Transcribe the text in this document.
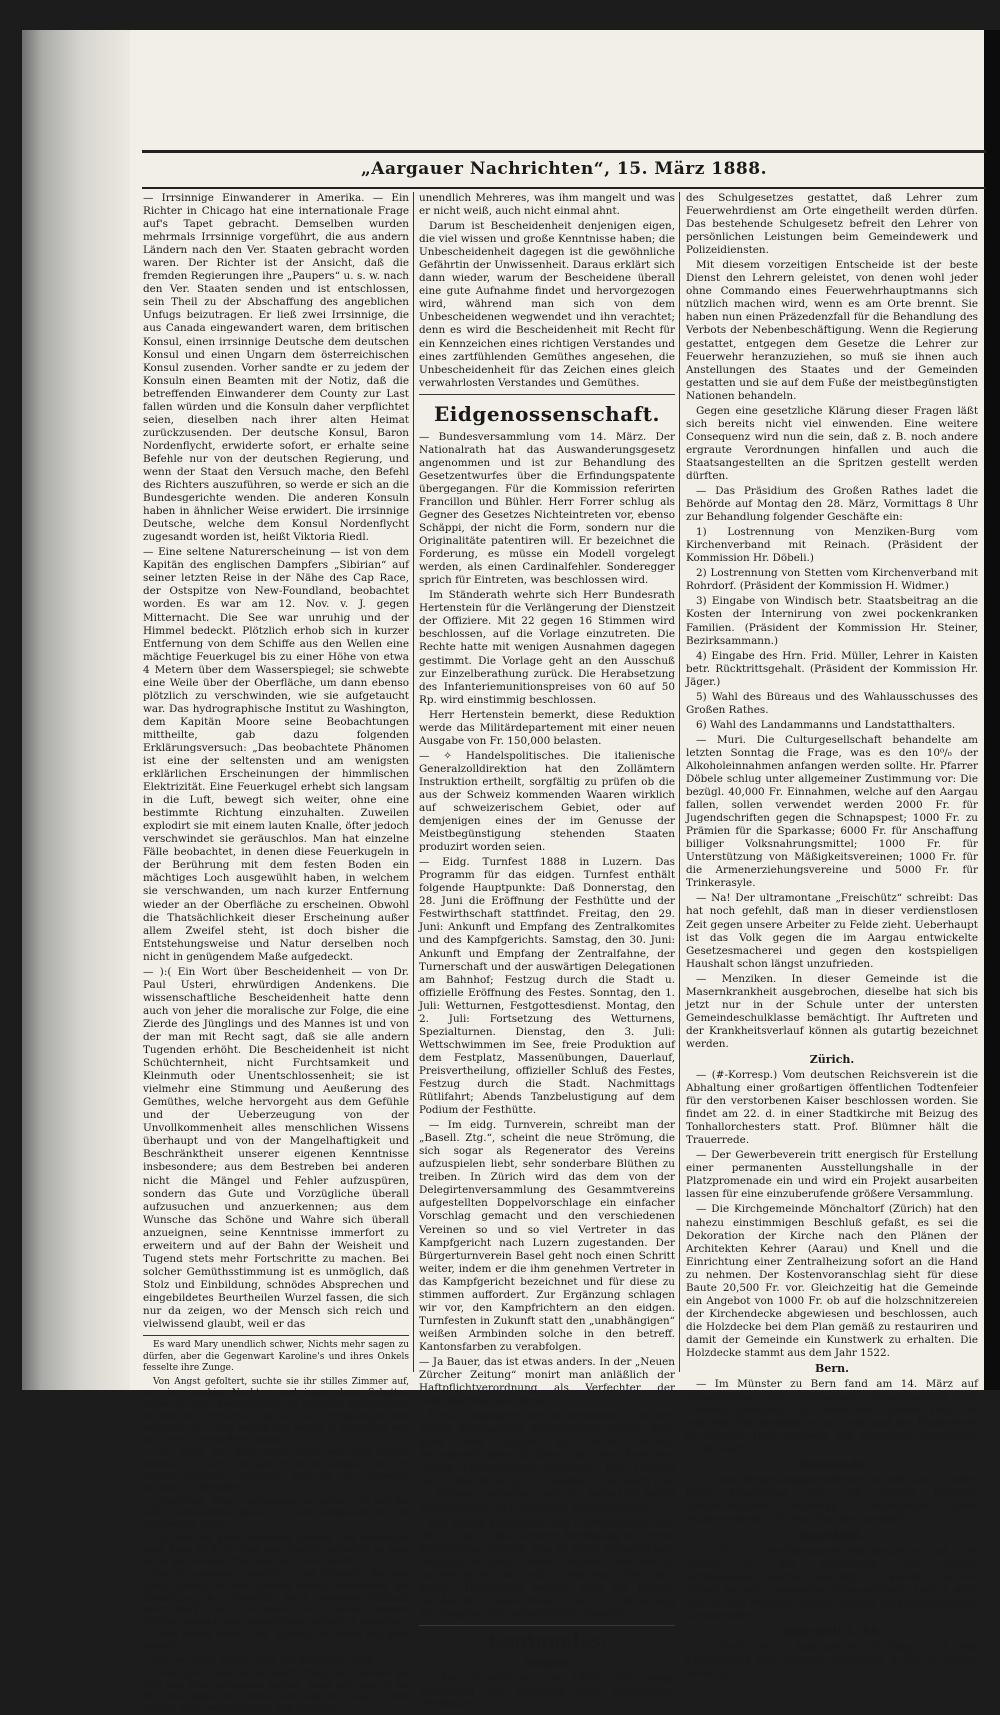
„Aargauer Nachrichten“, 15. März 1888.

— Irrsinnige Einwanderer in Amerika. — Ein Richter in Chicago hat eine internationale Frage auf's Tapet gebracht. Demselben wurden mehrmals Irrsinnige vorgeführt, die aus andern Ländern nach den Ver. Staaten gebracht worden waren. Der Richter ist der Ansicht, daß die fremden Regierungen ihre „Paupers“ u. s. w. nach den Ver. Staaten senden und ist entschlossen, sein Theil zu der Abschaffung des angeblichen Unfugs beizutragen. Er ließ zwei Irrsinnige, die aus Canada eingewandert waren, dem britischen Konsul, einen irrsinnige Deutsche dem deutschen Konsul und einen Ungarn dem österreichischen Konsul zusenden. Vorher sandte er zu jedem der Konsuln einen Beamten mit der Notiz, daß die betreffenden Einwanderer dem County zur Last fallen würden und die Konsuln daher verpflichtet seien, dieselben nach ihrer alten Heimat zurückzusenden. Der deutsche Konsul, Baron Nordenflycht, erwiderte sofort, er erhalte seine Befehle nur von der deutschen Regierung, und wenn der Staat den Versuch mache, den Befehl des Richters auszuführen, so werde er sich an die Bundesgerichte wenden. Die anderen Konsuln haben in ähnlicher Weise erwidert. Die irrsinnige Deutsche, welche dem Konsul Nordenflycht zugesandt worden ist, heißt Viktoria Riedl.

— Eine seltene Naturerscheinung — ist von dem Kapitän des englischen Dampfers „Sibirian“ auf seiner letzten Reise in der Nähe des Cap Race, der Ostspitze von New-Foundland, beobachtet worden. Es war am 12. Nov. v. J. gegen Mitternacht. Die See war unruhig und der Himmel bedeckt. Plötzlich erhob sich in kurzer Entfernung von dem Schiffe aus den Wellen eine mächtige Feuerkugel bis zu einer Höhe von etwa 4 Metern über dem Wasserspiegel; sie schwebte eine Weile über der Oberfläche, um dann ebenso plötzlich zu verschwinden, wie sie aufgetaucht war. Das hydrographische Institut zu Washington, dem Kapitän Moore seine Beobachtungen mittheilte, gab dazu folgenden Erklärungsversuch: „Das beobachtete Phänomen ist eine der seltensten und am wenigsten erklärlichen Erscheinungen der himmlischen Elektrizität. Eine Feuerkugel erhebt sich langsam in die Luft, bewegt sich weiter, ohne eine bestimmte Richtung einzuhalten. Zuweilen explodirt sie mit einem lauten Knalle, öfter jedoch verschwindet sie geräuschlos. Man hat einzelne Fälle beobachtet, in denen diese Feuerkugeln in der Berührung mit dem festen Boden ein mächtiges Loch ausgewühlt haben, in welchem sie verschwanden, um nach kurzer Entfernung wieder an der Oberfläche zu erscheinen. Obwohl die Thatsächlichkeit dieser Erscheinung außer allem Zweifel steht, ist doch bisher die Entstehungsweise und Natur derselben noch nicht in genügendem Maße aufgedeckt.

— ):( Ein Wort über Bescheidenheit — von Dr. Paul Usteri, ehrwürdigen Andenkens. Die wissenschaftliche Bescheidenheit hatte denn auch von jeher die moralische zur Folge, die eine Zierde des Jünglings und des Mannes ist und von der man mit Recht sagt, daß sie alle andern Tugenden erhöht. Die Bescheidenheit ist nicht Schüchternheit, nicht Furchtsamkeit und Kleinmuth oder Unentschlossenheit; sie ist vielmehr eine Stimmung und Aeußerung des Gemüthes, welche hervorgeht aus dem Gefühle und der Ueberzeugung von der Unvollkommenheit alles menschlichen Wissens überhaupt und von der Mangelhaftigkeit und Beschränktheit unserer eigenen Kenntnisse insbesondere; aus dem Bestreben bei anderen nicht die Mängel und Fehler aufzuspüren, sondern das Gute und Vorzügliche überall aufzusuchen und anzuerkennen; aus dem Wunsche das Schöne und Wahre sich überall anzueignen, seine Kenntnisse immerfort zu erweitern und auf der Bahn der Weisheit und Tugend stets mehr Fortschritte zu machen. Bei solcher Gemüthsstimmung ist es unmöglich, daß Stolz und Einbildung, schnödes Absprechen und eingebildetes Beurtheilen Wurzel fassen, die sich nur da zeigen, wo der Mensch sich reich und vielwissend glaubt, weil er das

Es ward Mary unendlich schwer, Nichts mehr sagen zu dürfen, aber die Gegenwart Karoline's und ihres Onkels fesselte ihre Zunge.

Von Angst gefoltert, suchte sie ihr stilles Zimmer auf, um eine unruhige Nacht zu verbringen, deren Schatten selbst der helle Sonnenschein am nächsten Morgen nicht zu bannen vermochte, als sie das Frühstückszimmer aufsuchte. Ihr Vater befand sich bereits in demselben und sah ihr mit einem Brief empor.

„Ah, Mary, ich habe einen Brief von dem Grafen erhalten; er wird zum Gabelfrühstück kommen. Wie ich seinem Schreiben entnehme, hält Du ihm verboten, zeitiger zu erscheinen.“

„Allerdings, Vater,“ entgegnete sie ernst, „ich will ihn nicht wiedersehen, bevor ich nicht eingehend mit Dir gesprochen habe.“

„Du bist ein gutes Mädchen; komme und frühstücke jetzt, mein Kind! Du hast alle Ursache, glücklich zu sein. Es ist der sonnige Pfad, welcher Deiner harrt!“

Das Hinzukommen Karoline's und Richard's, die, von Onkel gefolgt, in das Zimmer traten, verhinderte die Fortsetzung des Gesprächs. Nach beendeter Mahlzeit erhob Mary's Vater sich sofort, um, zu seiner jüngsten Tochter gewandt, mit freundlichem Lächeln zu sprechen:

„Nun komm, mein Kind; Richard, Du sollst uns doch begleiten!“

Und er schritt Beiden nach der Bibliothek voran.

„Nun sprich, was ist Dir, Kind?“ fragte er, nachdem die Drei hier Platz genommen hatten. „Sage mir, was ich für Dich thun kann. Ist es denn wahr, daß Du Etwas auf dem Herzen hast, was Dich quält und peinigt?“

unendlich Mehreres, was ihm mangelt und was er nicht weiß, auch nicht einmal ahnt.

Darum ist Bescheidenheit denjenigen eigen, die viel wissen und große Kenntnisse haben; die Unbescheidenheit dagegen ist die gewöhnliche Gefährtin der Unwissenheit. Daraus erklärt sich dann wieder, warum der Bescheidene überall eine gute Aufnahme findet und hervorgezogen wird, während man sich von dem Unbescheidenen wegwendet und ihn verachtet; denn es wird die Bescheidenheit mit Recht für ein Kennzeichen eines richtigen Verstandes und eines zartfühlenden Gemüthes angesehen, die Unbescheidenheit für das Zeichen eines gleich verwahrlosten Verstandes und Gemüthes.

Eidgenossenschaft.

— Bundesversammlung vom 14. März. Der Nationalrath hat das Auswanderungsgesetz angenommen und ist zur Behandlung des Gesetzentwurfes über die Erfindungspatente übergegangen. Für die Kommission referirten Francillon und Bühler. Herr Forrer schlug als Gegner des Gesetzes Nichteintreten vor, ebenso Schäppi, der nicht die Form, sondern nur die Originalitäte patentiren will. Er bezeichnet die Forderung, es müsse ein Modell vorgelegt werden, als einen Cardinalfehler. Sonderegger sprich für Eintreten, was beschlossen wird.

Im Ständerath wehrte sich Herr Bundesrath Hertenstein für die Verlängerung der Dienstzeit der Offiziere. Mit 22 gegen 16 Stimmen wird beschlossen, auf die Vorlage einzutreten. Die Rechte hatte mit wenigen Ausnahmen dagegen gestimmt. Die Vorlage geht an den Ausschuß zur Einzelberathung zurück. Die Herabsetzung des Infanteriemunitionspreises von 60 auf 50 Rp. wird einstimmig beschlossen.

Herr Hertenstein bemerkt, diese Reduktion werde das Militärdepartement mit einer neuen Ausgabe von Fr. 150,000 belasten.

— ✧ Handelspolitisches. Die italienische Generalzolldirektion hat den Zollämtern Instruktion ertheilt, sorgfältig zu prüfen ob die aus der Schweiz kommenden Waaren wirklich auf schweizerischem Gebiet, oder auf demjenigen eines der im Genusse der Meistbegünstigung stehenden Staaten produzirt worden seien.

— Eidg. Turnfest 1888 in Luzern. Das Programm für das eidgen. Turnfest enthält folgende Hauptpunkte: Daß Donnerstag, den 28. Juni die Eröffnung der Festhütte und der Festwirthschaft stattfindet. Freitag, den 29. Juni: Ankunft und Empfang des Zentralkomites und des Kampfgerichts. Samstag, den 30. Juni: Ankunft und Empfang der Zentralfahne, der Turnerschaft und der auswärtigen Delegationen am Bahnhof; Festzug durch die Stadt u. offizielle Eröffnung des Festes. Sonntag, den 1. Juli: Wetturnen, Festgottesdienst. Montag, den 2. Juli: Fortsetzung des Wetturnens, Spezialturnen. Dienstag, den 3. Juli: Wettschwimmen im See, freie Produktion auf dem Festplatz, Massenübungen, Dauerlauf, Preisvertheilung, offizieller Schluß des Festes, Festzug durch die Stadt. Nachmittags Rütlifahrt; Abends Tanzbelustigung auf dem Podium der Festhütte.

— Im eidg. Turnverein, schreibt man der „Basell. Ztg.“, scheint die neue Strömung, die sich sogar als Regenerator des Vereins aufzuspielen liebt, sehr sonderbare Blüthen zu treiben. In Zürich wird das dem von der Delegirtenversammlung des Gesammtvereins aufgestellten Doppelvorschlage ein einfacher Vorschlag gemacht und den verschiedenen Vereinen so und so viel Vertreter in das Kampfgericht nach Luzern zugestanden. Der Bürgerturnverein Basel geht noch einen Schritt weiter, indem er die ihm genehmen Vertreter in das Kampfgericht bezeichnet und für diese zu stimmen auffordert. Zur Ergänzung schlagen wir vor, den Kampfrichtern an den eidgen. Turnfesten in Zukunft statt den „unabhängigen“ weißen Armbinden solche in den betreff. Kantonsfarben zu verabfolgen.

— Ja Bauer, das ist etwas anders. In der „Neuen Zürcher Zeitung“ monirt man anläßlich der Haftpflichtverordnung als Verfechter der Fabrikherren bezeichnet.

Heute begegnen wir in derselben dem von einem Bundesrathe hergeleiteten Satze: „Man kann vom Bunde aus nicht einfach Polizeimaßregeln diktiren und den Kantonen theure Polizeiorgane oktroiren. Der richtige Satz: „Wer befiehlt, der bezahlt“, muß auch hier zu Geltung gelangen oder die Vorschrift bleibt unausgeführt und verbreitet Mißstimmung.“

Wir hätten gewünscht, der Correspondent der „N. Z.-Ztg.“ hätte unsere Darlegung bei jener Verordnung gelesen, ehe er seine Schweizelsen loslegte; er hätte finden müssen, daß wir in Sachen genau das wollen, was der citirte Satz belagt. Hoffentlich werden sich die Herren Bundesräter jenes Axioms bei der Berathung der Eingabe der Industriellen erinnern.

Kantonales.
Aargau.

— Die Revolution von Oben. Die aarg. Regierung hat entgegen dem bestimmten Wortlaute

des Schulgesetzes gestattet, daß Lehrer zum Feuerwehrdienst am Orte eingetheilt werden dürfen. Das bestehende Schulgesetz befreit den Lehrer von persönlichen Leistungen beim Gemeindewerk und Polizeidiensten.

Mit diesem vorzeitigen Entscheide ist der beste Dienst den Lehrern geleistet, von denen wohl jeder ohne Commando eines Feuerwehrhauptmanns sich nützlich machen wird, wenn es am Orte brennt. Sie haben nun einen Präzedenzfall für die Behandlung des Verbots der Nebenbeschäftigung. Wenn die Regierung gestattet, entgegen dem Gesetze die Lehrer zur Feuerwehr heranzuziehen, so muß sie ihnen auch Anstellungen des Staates und der Gemeinden gestatten und sie auf dem Fuße der meistbegünstigten Nationen behandeln.

Gegen eine gesetzliche Klärung dieser Fragen läßt sich bereits nicht viel einwenden. Eine weitere Consequenz wird nun die sein, daß z. B. noch andere ergraute Verordnungen hinfallen und auch die Staatsangestellten an die Spritzen gestellt werden dürften.

— Das Präsidium des Großen Rathes ladet die Behörde auf Montag den 28. März, Vormittags 8 Uhr zur Behandlung folgender Geschäfte ein:

1) Lostrennung von Menziken-Burg vom Kirchenverband mit Reinach. (Präsident der Kommission Hr. Döbeli.)

2) Lostrennung von Stetten vom Kirchenverband mit Rohrdorf. (Präsident der Kommission H. Widmer.)

3) Eingabe von Windisch betr. Staatsbeitrag an die Kosten der Internirung von zwei pockenkranken Familien. (Präsident der Kommission Hr. Steiner, Bezirksammann.)

4) Eingabe des Hrn. Frid. Müller, Lehrer in Kaisten betr. Rücktrittsgehalt. (Präsident der Kommission Hr. Jäger.)

5) Wahl des Büreaus und des Wahlausschusses des Großen Rathes.

6) Wahl des Landammanns und Landstatthalters.

— Muri. Die Culturgesellschaft behandelte am letzten Sonntag die Frage, was es den 10⁰/₀ der Alkoholeinnahmen anfangen werden sollte. Hr. Pfarrer Döbele schlug unter allgemeiner Zustimmung vor: Die bezügl. 40,000 Fr. Einnahmen, welche auf den Aargau fallen, sollen verwendet werden 2000 Fr. für Jugendschriften gegen die Schnapspest; 1000 Fr. zu Prämien für die Sparkasse; 6000 Fr. für Anschaffung billiger Volksnahrungsmittel; 1000 Fr. für Unterstützung von Mäßigkeitsvereinen; 1000 Fr. für die Armenerziehungsvereine und 5000 Fr. für Trinkerasyle.

— Na! Der ultramontane „Freischütz“ schreibt: Das hat noch gefehlt, daß man in dieser verdienstlosen Zeit gegen unsere Arbeiter zu Felde zieht. Ueberhaupt ist das Volk gegen die im Aargau entwickelte Gesetzesmacherei und gegen den kostspieligen Haushalt schon längst unzufrieden.

— Menziken. In dieser Gemeinde ist die Masernkrankheit ausgebrochen, dieselbe hat sich bis jetzt nur in der Schule unter der untersten Gemeindeschulklasse bemächtigt. Ihr Auftreten und der Krankheitsverlauf können als gutartig bezeichnet werden.

Zürich.

— (#-Korresp.) Vom deutschen Reichsverein ist die Abhaltung einer großartigen öffentlichen Todtenfeier für den verstorbenen Kaiser beschlossen worden. Sie findet am 22. d. in einer Stadtkirche mit Beizug des Tonhallorchesters statt. Prof. Blümner hält die Trauerrede.

— Der Gewerbeverein tritt energisch für Erstellung einer permanenten Ausstellungshalle in der Platzpromenade ein und wird ein Projekt ausarbeiten lassen für eine einzuberufende größere Versammlung.

— Die Kirchgemeinde Mönchaltorf (Zürich) hat den nahezu einstimmigen Beschluß gefaßt, es sei die Dekoration der Kirche nach den Plänen der Architekten Kehrer (Aarau) und Knell und die Einrichtung einer Zentralheizung sofort an die Hand zu nehmen. Der Kostenvoranschlag sieht für diese Baute 20,500 Fr. vor. Gleichzeitig hat die Gemeinde ein Angebot von 1000 Fr. ob auf die holzschnitzereien der Kirchendecke abgewiesen und beschlossen, auch die Holzdecke bei dem Plan gemäß zu restauriren und damit der Gemeinde ein Kunstwerk zu erhalten. Die Holzdecke stammt aus dem Jahr 1522.

Bern.

— Im Münster zu Bern fand am 14. März auf Veranstalten der deutschen Gesandtschaft ein Trauergottesdienst zu Ehren des Kaisers statt, an welchem das diplomatische Corps und der Bundesrath in corpore Theil nahmen. Ein deutscher Geistlicher funktionirte.

Baselstadt.

— Zum Regierungspräsidenten wurde vom Großen Rath einstimmig der von beiden Parteien vorgeschlagene bisherige Vizepräsident, Herr Regierungsrath Dr. Paul Speiser, gewählt.

Baselland.

— Die 21. Verfassungsrathskommission hat ihre Arbeit in der Berathung des neuen Verfassungsentwurfes beendigt. Es kommt nun die Arbeit an den Gesammtverfassungsrath. Dieser wird sich in vier Wochen zu einer ersten Berathungssitzung versammeln.

Appenzell A.-Rh.

— Nach der „Appenzeller Zeitung“ hat der Kantonsrath des Kantons Appenzell A.-Rh. in seiner Sitzung
